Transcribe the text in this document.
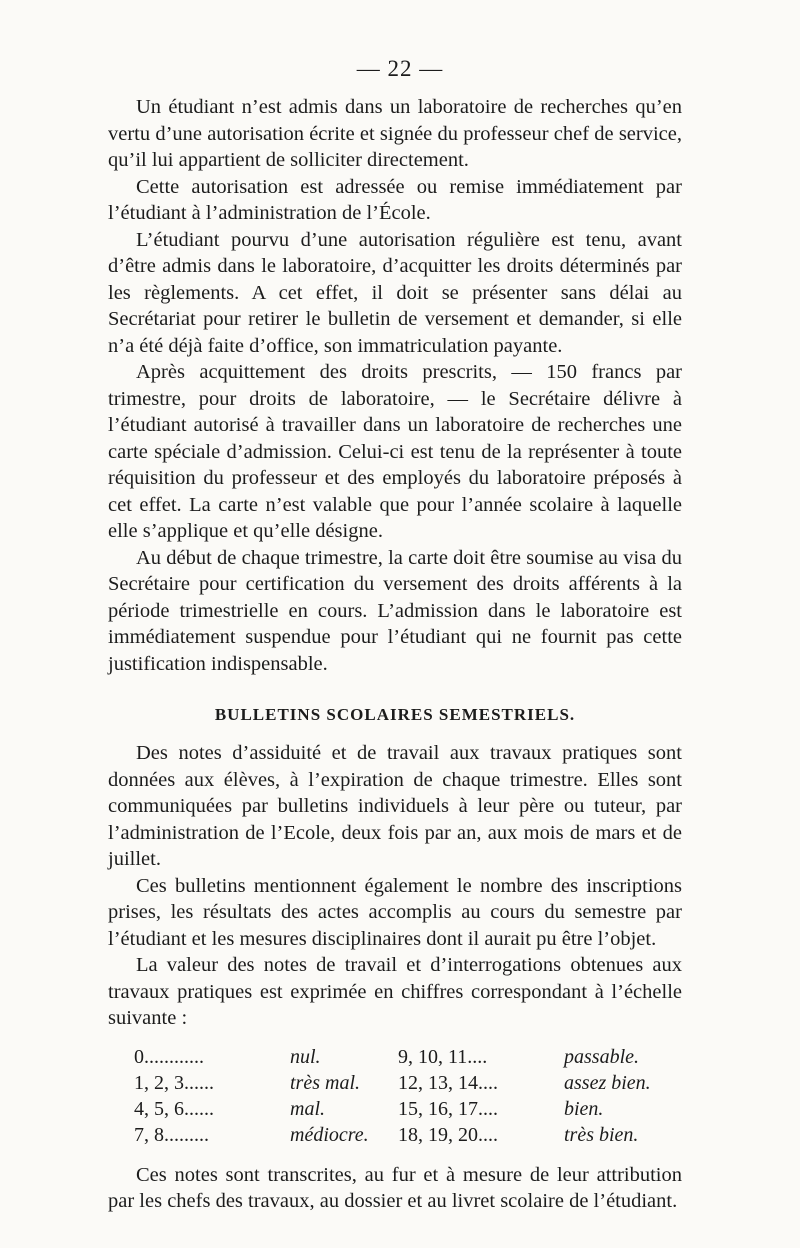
— 22 —

Un étudiant n’est admis dans un laboratoire de recherches qu’en vertu d’une autorisation écrite et signée du professeur chef de service, qu’il lui appartient de solliciter directement.

Cette autorisation est adressée ou remise immédiatement par l’étudiant à l’administration de l’École.

L’étudiant pourvu d’une autorisation régulière est tenu, avant d’être admis dans le laboratoire, d’acquitter les droits déterminés par les règlements. A cet effet, il doit se présenter sans délai au Secrétariat pour retirer le bulletin de versement et demander, si elle n’a été déjà faite d’office, son immatriculation payante.

Après acquittement des droits prescrits, — 150 francs par trimestre, pour droits de laboratoire, — le Secrétaire délivre à l’étudiant autorisé à travailler dans un laboratoire de recherches une carte spéciale d’admission. Celui-ci est tenu de la représenter à toute réquisition du professeur et des employés du laboratoire préposés à cet effet. La carte n’est valable que pour l’année scolaire à laquelle elle s’applique et qu’elle désigne.

Au début de chaque trimestre, la carte doit être soumise au visa du Secrétaire pour certification du versement des droits afférents à la période trimestrielle en cours. L’admission dans le laboratoire est immédiatement suspendue pour l’étudiant qui ne fournit pas cette justification indispensable.

BULLETINS SCOLAIRES SEMESTRIELS.

Des notes d’assiduité et de travail aux travaux pratiques sont données aux élèves, à l’expiration de chaque trimestre. Elles sont communiquées par bulletins individuels à leur père ou tuteur, par l’administration de l’Ecole, deux fois par an, aux mois de mars et de juillet.

Ces bulletins mentionnent également le nombre des inscriptions prises, les résultats des actes accomplis au cours du semestre par l’étudiant et les mesures disciplinaires dont il aurait pu être l’objet.

La valeur des notes de travail et d’interrogations obtenues aux travaux pratiques est exprimée en chiffres correspondant à l’échelle suivante :

0............	nul.	9, 10, 11....	passable.
1, 2, 3......	très mal.	12, 13, 14....	assez bien.
4, 5, 6......	mal.	15, 16, 17....	bien.
7, 8.........	médiocre.	18, 19, 20....	très bien.

Ces notes sont transcrites, au fur et à mesure de leur attribution par les chefs des travaux, au dossier et au livret scolaire de l’étudiant.
